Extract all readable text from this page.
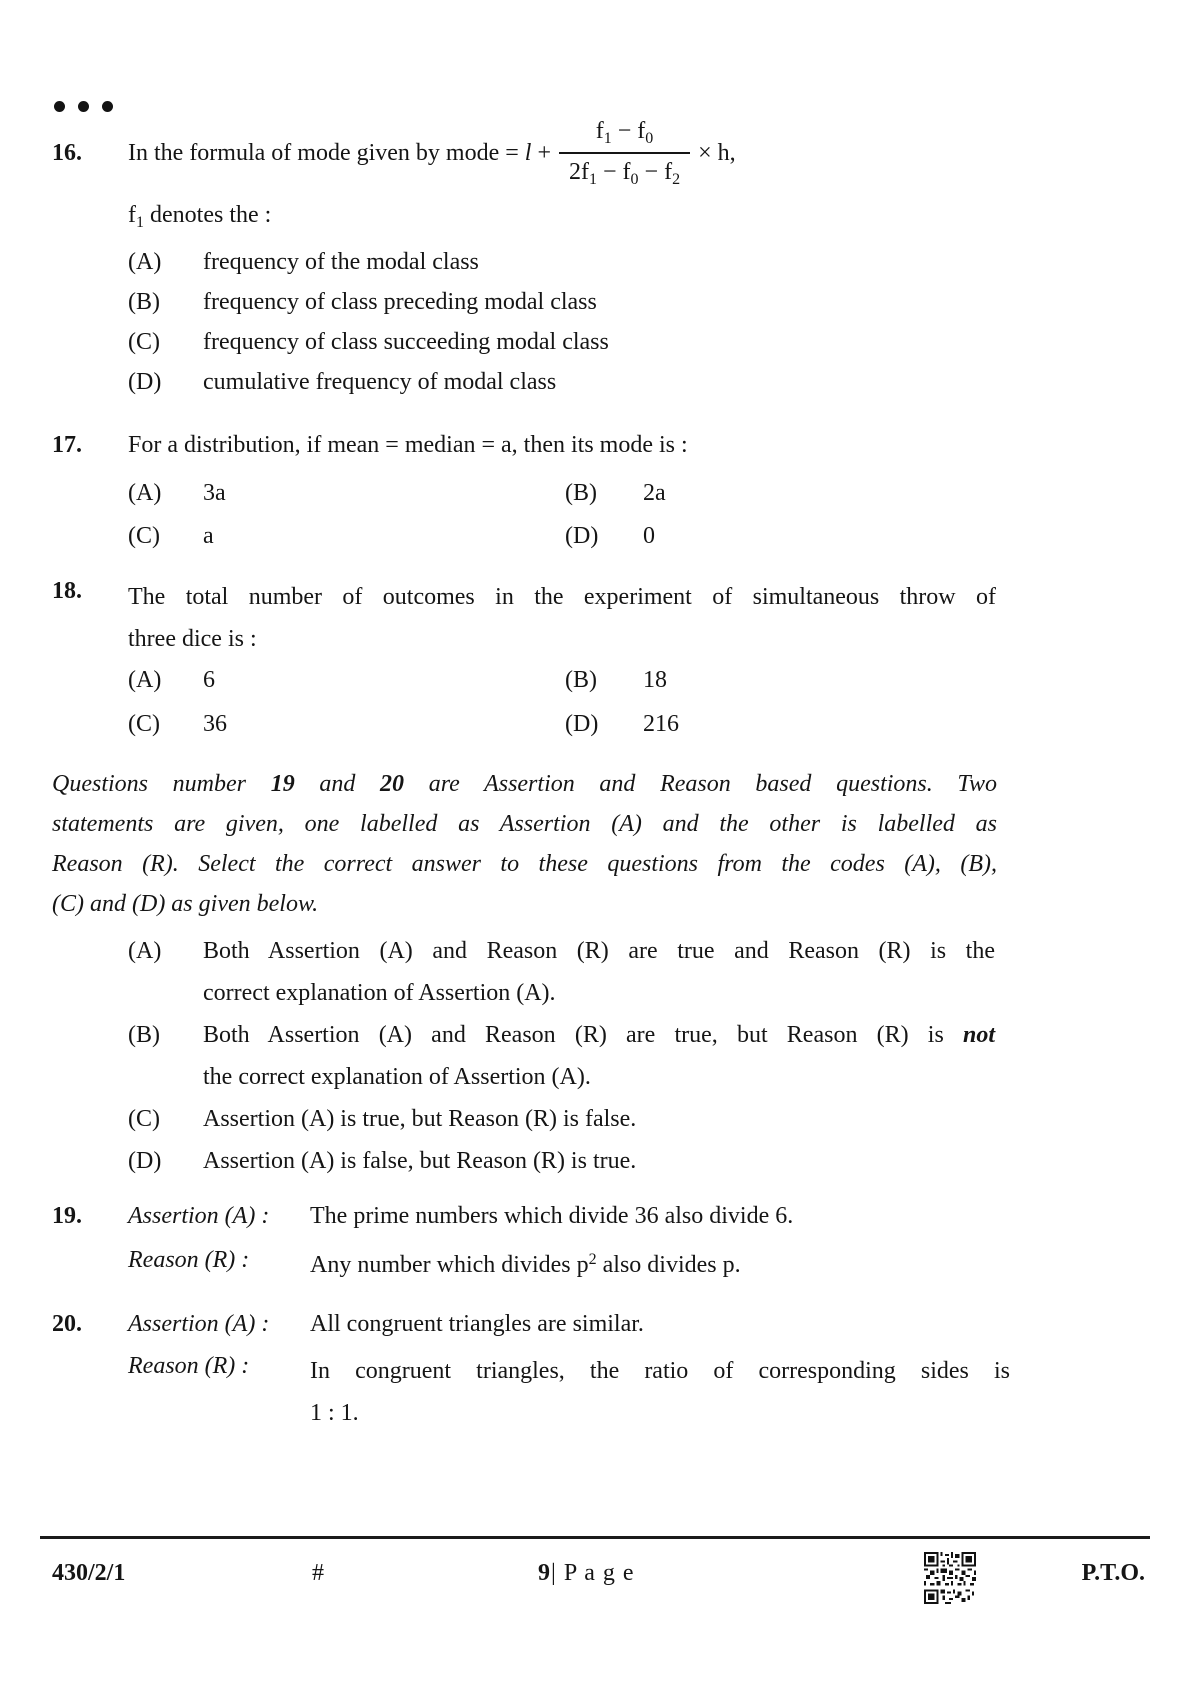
16.	In the formula of mode given by mode = $l + \frac{f_1 - f_0}{2f_1 - f_0 - f_2} \times h$,
$f_1$ denotes the :
(A)	frequency of the modal class
(B)	frequency of class preceding modal class
(C)	frequency of class succeeding modal class
(D)	cumulative frequency of modal class
17.	For a distribution, if mean = median = a, then its mode is :
(A)	3a	(B)	2a
(C)	a	(D)	0
18. The total number of outcomes in the experiment of simultaneous throw of
three dice is :
(A)	6	(B)	18
(C)	36	(D)	216
Questions number 19 and 20 are Assertion and Reason based questions. Two
statements are given, one labelled as Assertion (A) and the other is labelled as
Reason (R). Select the correct answer to these questions from the codes (A), (B),
(C) and (D) as given below.
(A)	Both Assertion (A) and Reason (R) are true and Reason (R) is the
correct explanation of Assertion (A).
(B)	Both Assertion (A) and Reason (R) are true, but Reason (R) is not
the correct explanation of Assertion (A).
(C)	Assertion (A) is true, but Reason (R) is false.
(D)	Assertion (A) is false, but Reason (R) is true.
19.	Assertion (A) :	The prime numbers which divide 36 also divide 6.
Reason (R) :	Any number which divides $p^2$ also divides p.
20.	Assertion (A) :	All congruent triangles are similar.
Reason (R) :	In congruent triangles, the ratio of corresponding sides is
1 : 1.
430/2/1	#	9| P a g e	P.T.O.
